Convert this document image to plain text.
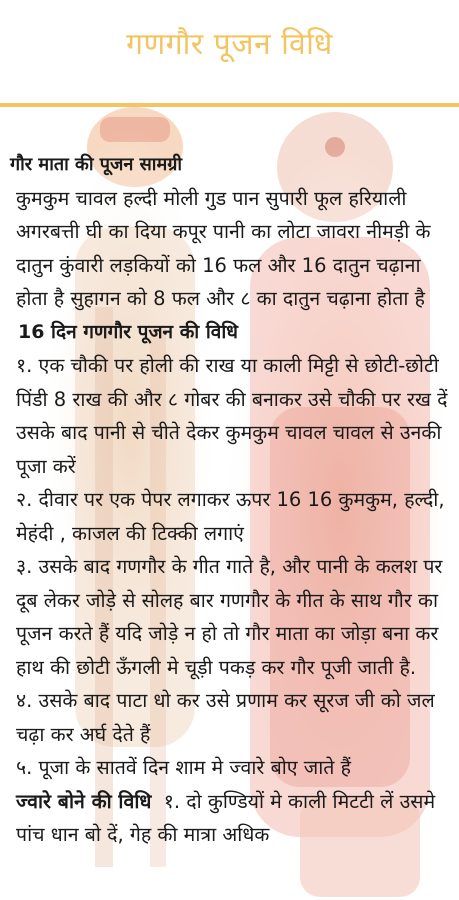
गणगौर पूजन विधि

गौर माता की पूजन सामग्री

कुमकुम चावल हल्दी मोली गुड पान सुपारी फूल हरियाली अगरबत्ती घी का दिया कपूर पानी का लोटा जावरा नीमड़ी के दातुन कुंवारी लड़कियों को 16 फल और 16 दातुन चढ़ाना होता है सुहागन को 8 फल और ८ का दातुन चढ़ाना होता है

16 दिन गणगौर पूजन की विधि

१. एक चौकी पर होली की राख या काली मिट्टी से छोटी-छोटी पिंडी 8 राख की और ८ गोबर की बनाकर उसे चौकी पर रख दें उसके बाद पानी से चीते देकर कुमकुम चावल चावल से उनकी पूजा करें

२. दीवार पर एक पेपर लगाकर ऊपर 16 16 कुमकुम, हल्दी, मेहंदी , काजल की टिक्की लगाएं

३. उसके बाद गणगौर के गीत गाते है, और पानी के कलश पर दूब लेकर जोड़े से सोलह बार गणगौर के गीत के साथ गौर का पूजन करते हैं यदि जोड़े न हो तो गौर माता का जोड़ा बना कर हाथ की छोटी ऊँगली मे चूड़ी पकड़ कर गौर पूजी जाती है.

४. उसके बाद पाटा धो कर उसे प्रणाम कर सूरज जी को जल चढ़ा कर अर्घ देते हैं

५. पूजा के सातवें दिन शाम मे ज्वारे बोए जाते हैं

ज्वारे बोने की विधि १. दो कुण्डियों मे काली मिटटी लें उसमे पांच धान बो दें, गेह की मात्रा अधिक
